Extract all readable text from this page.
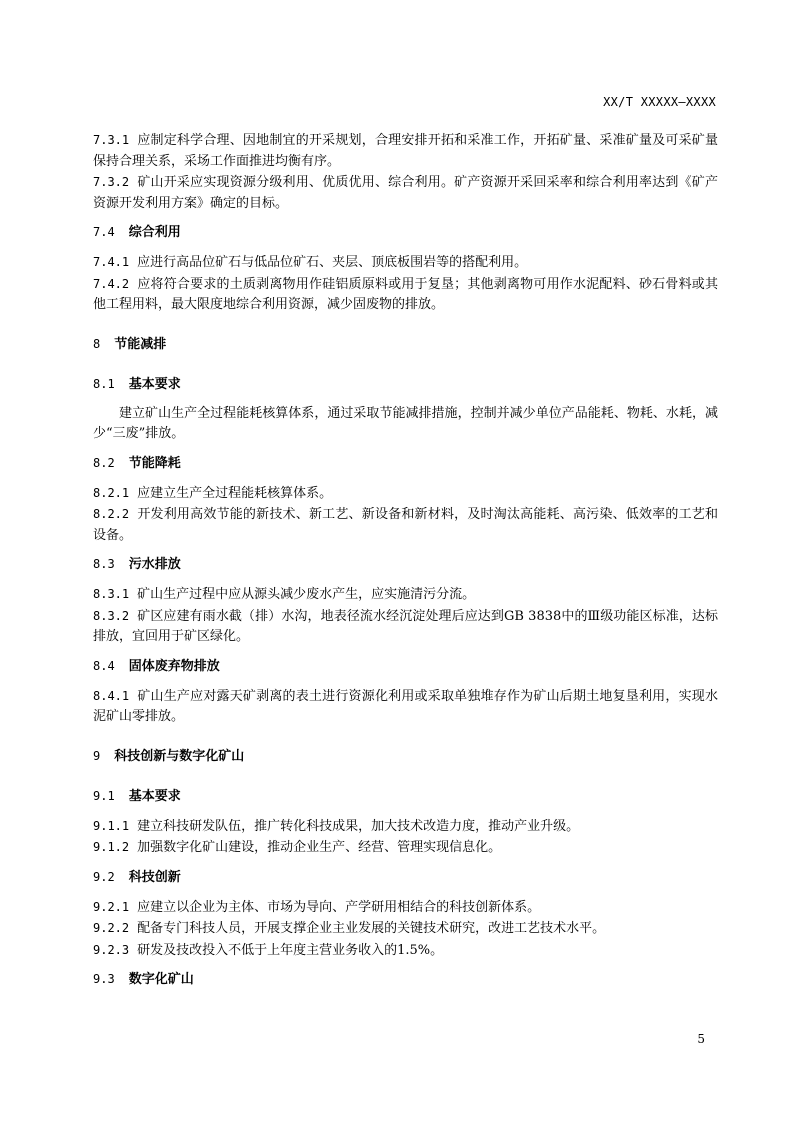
XX/T XXXXX—XXXX

7.3.1 应制定科学合理、因地制宜的开采规划，合理安排开拓和采准工作，开拓矿量、采准矿量及可采矿量保持合理关系，采场工作面推进均衡有序。

7.3.2 矿山开采应实现资源分级利用、优质优用、综合利用。矿产资源开采回采率和综合利用率达到《矿产资源开发利用方案》确定的目标。

7.4 综合利用

7.4.1 应进行高品位矿石与低品位矿石、夹层、顶底板围岩等的搭配利用。

7.4.2 应将符合要求的土质剥离物用作硅铝质原料或用于复垦；其他剥离物可用作水泥配料、砂石骨料或其他工程用料，最大限度地综合利用资源，减少固废物的排放。

8 节能减排
8.1 基本要求

建立矿山生产全过程能耗核算体系，通过采取节能减排措施，控制并减少单位产品能耗、物耗、水耗，减少“三废”排放。

8.2 节能降耗

8.2.1 应建立生产全过程能耗核算体系。

8.2.2 开发利用高效节能的新技术、新工艺、新设备和新材料，及时淘汰高能耗、高污染、低效率的工艺和设备。

8.3 污水排放

8.3.1 矿山生产过程中应从源头减少废水产生，应实施清污分流。

8.3.2 矿区应建有雨水截（排）水沟，地表径流水经沉淀处理后应达到GB 3838中的Ⅲ级功能区标准，达标排放，宜回用于矿区绿化。

8.4 固体废弃物排放

8.4.1 矿山生产应对露天矿剥离的表土进行资源化利用或采取单独堆存作为矿山后期土地复垦利用，实现水泥矿山零排放。

9 科技创新与数字化矿山
9.1 基本要求

9.1.1 建立科技研发队伍，推广转化科技成果，加大技术改造力度，推动产业升级。

9.1.2 加强数字化矿山建设，推动企业生产、经营、管理实现信息化。

9.2 科技创新

9.2.1 应建立以企业为主体、市场为导向、产学研用相结合的科技创新体系。

9.2.2 配备专门科技人员，开展支撑企业主业发展的关键技术研究，改进工艺技术水平。

9.2.3 研发及技改投入不低于上年度主营业务收入的1.5%。

9.3 数字化矿山
5
